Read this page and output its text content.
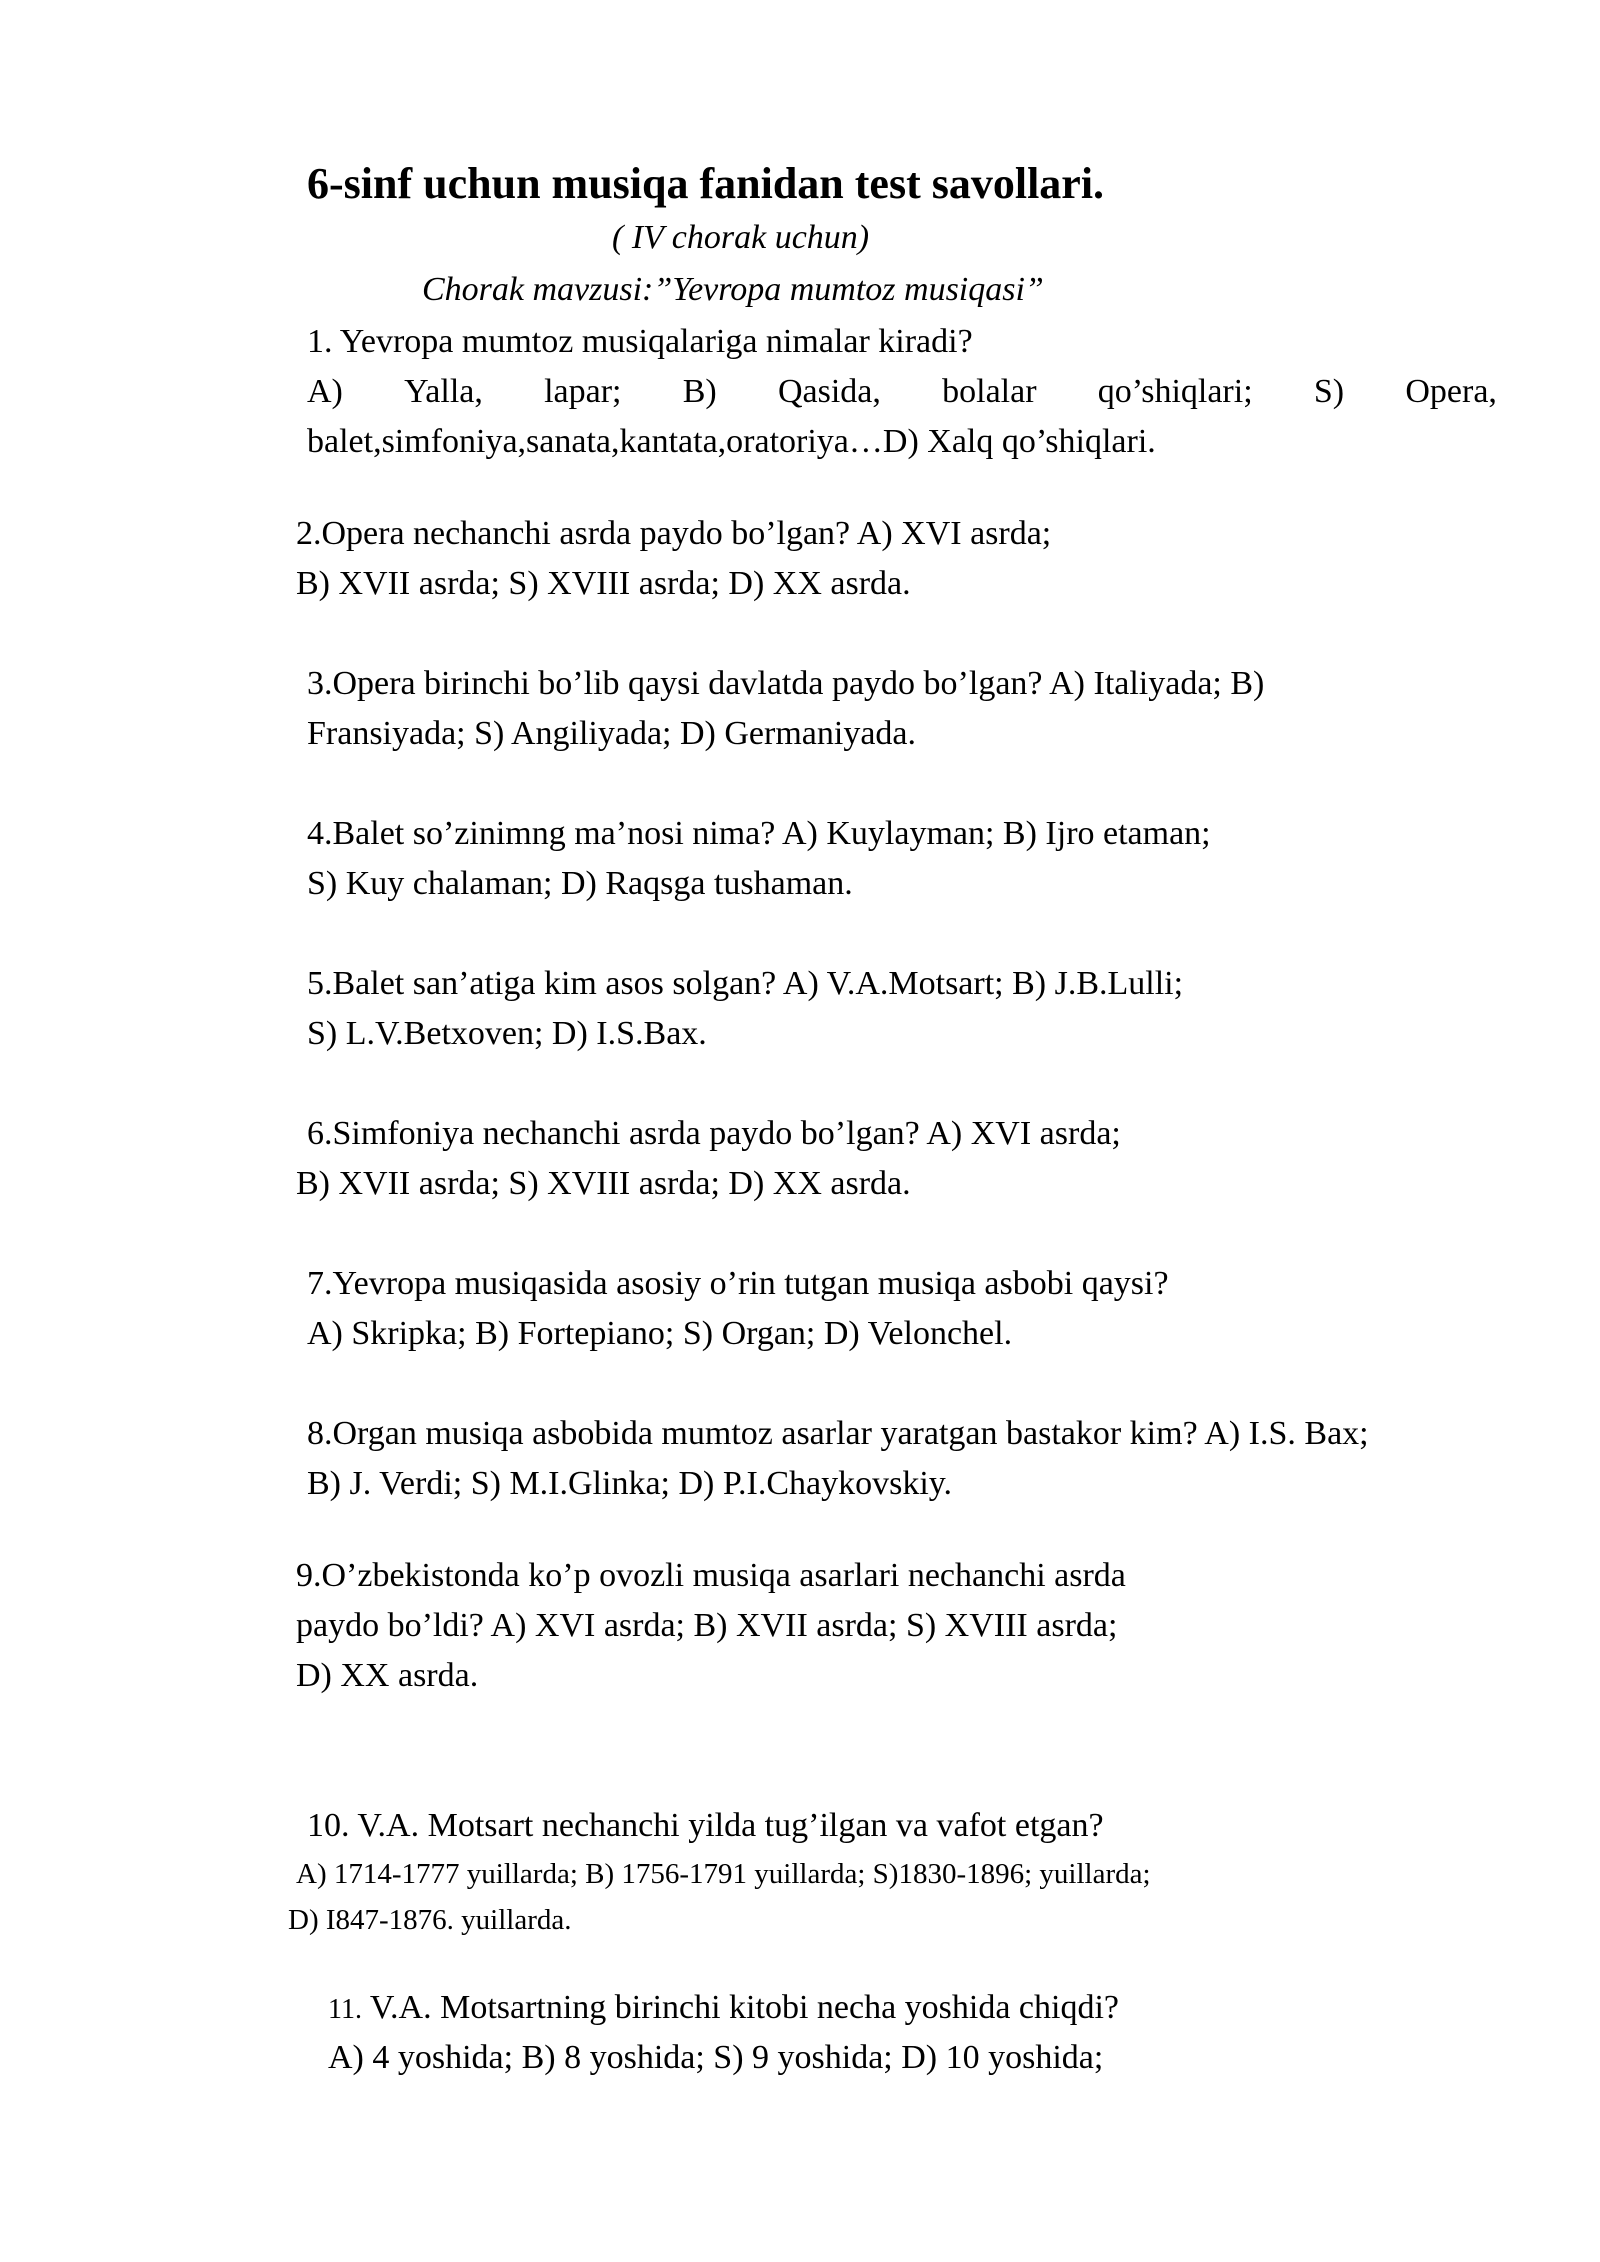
6-sinf uchun musiqa fanidan test savollari.
( IV chorak uchun)
Chorak mavzusi:”Yevropa mumtoz musiqasi”
1. Yevropa mumtoz musiqalariga nimalar kiradi?
A) Yalla, lapar; B) Qasida, bolalar qo’shiqlari; S) Opera,
balet,simfoniya,sanata,kantata,oratoriya…D) Xalq qo’shiqlari.
2.Opera nechanchi asrda paydo bo’lgan? A) XVI asrda;
B) XVII asrda; S) XVIII asrda; D) XX asrda.
3.Opera birinchi bo’lib qaysi davlatda paydo bo’lgan? A) Italiyada; B)
Fransiyada; S) Angiliyada; D) Germaniyada.
4.Balet so’zinimng ma’nosi nima? A) Kuylayman; B) Ijro etaman;
S) Kuy chalaman; D) Raqsga tushaman.
5.Balet san’atiga kim asos solgan? A) V.A.Motsart; B) J.B.Lulli;
S) L.V.Betxoven; D) I.S.Bax.
6.Simfoniya nechanchi asrda paydo bo’lgan? A) XVI asrda;
B) XVII asrda; S) XVIII asrda; D) XX asrda.
7.Yevropa musiqasida asosiy o’rin tutgan musiqa asbobi qaysi?
A) Skripka; B) Fortepiano; S) Organ; D) Velonchel.
8.Organ musiqa asbobida mumtoz asarlar yaratgan bastakor kim? A) I.S. Bax;
B) J. Verdi; S) M.I.Glinka; D) P.I.Chaykovskiy.
9.O’zbekistonda ko’p ovozli musiqa asarlari nechanchi asrda
paydo bo’ldi? A) XVI asrda; B) XVII asrda; S) XVIII asrda;
D) XX asrda.
10. V.A. Motsart nechanchi yilda tug’ilgan va vafot etgan?
A) 1714-1777 yuillarda; B) 1756-1791 yuillarda; S)1830-1896; yuillarda;
D) I847-1876. yuillarda.
11. V.A. Motsartning birinchi kitobi necha yoshida chiqdi?
A) 4 yoshida; B) 8 yoshida; S) 9 yoshida; D) 10 yoshida;
